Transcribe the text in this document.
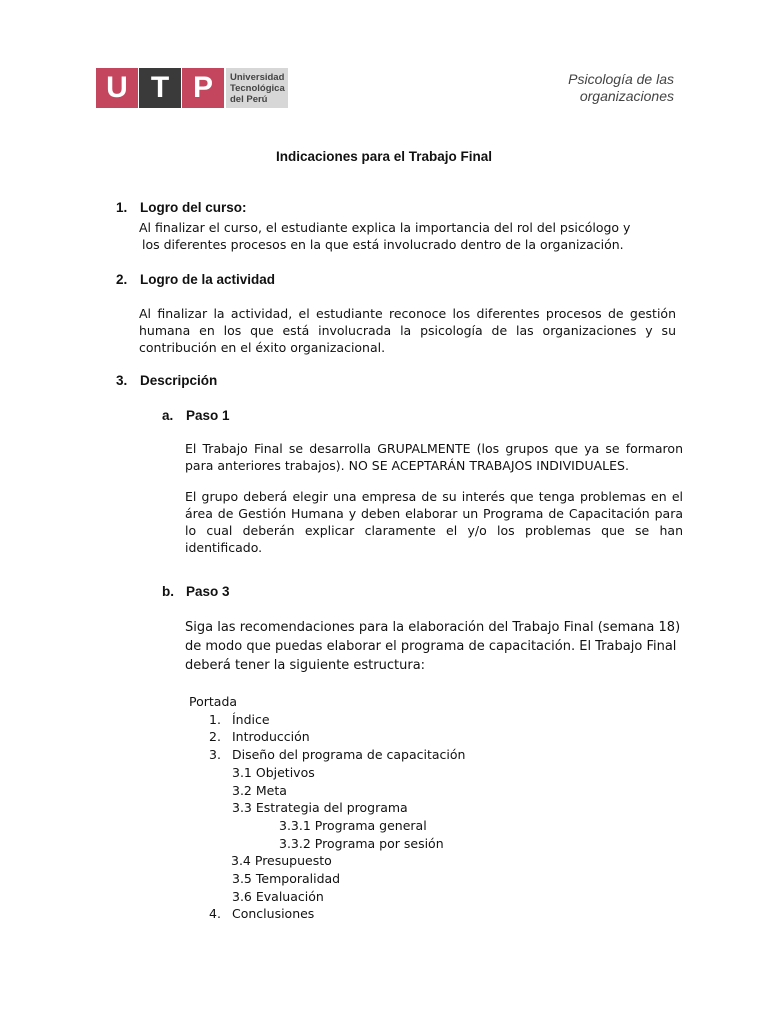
U T P	Universidad
Tecnológica
del Perú
Psicología de las
organizaciones
Indicaciones para el Trabajo Final
1. Logro del curso:
Al finalizar el curso, el estudiante explica la importancia del rol del psicólogo y
los diferentes procesos en la que está involucrado dentro de la organización.
2. Logro de la actividad
Al finalizar la actividad, el estudiante reconoce los diferentes procesos de gestión humana en los que está involucrada la psicología de las organizaciones y su contribución en el éxito organizacional.
3. Descripción
a. Paso 1
El Trabajo Final se desarrolla GRUPALMENTE (los grupos que ya se formaron para anteriores trabajos). NO SE ACEPTARÁN TRABAJOS INDIVIDUALES.
El grupo deberá elegir una empresa de su interés que tenga problemas en el área de Gestión Humana y deben elaborar un Programa de Capacitación para lo cual deberán explicar claramente el y/o los problemas que se han identificado.
b. Paso 3
Siga las recomendaciones para la elaboración del Trabajo Final (semana 18) de modo que puedas elaborar el programa de capacitación. El Trabajo Final deberá tener la siguiente estructura:
Portada
1. Índice
2. Introducción
3. Diseño del programa de capacitación
3.1 Objetivos
3.2 Meta
3.3 Estrategia del programa
3.3.1 Programa general
3.3.2 Programa por sesión
3.4 Presupuesto
3.5 Temporalidad
3.6 Evaluación
4. Conclusiones
